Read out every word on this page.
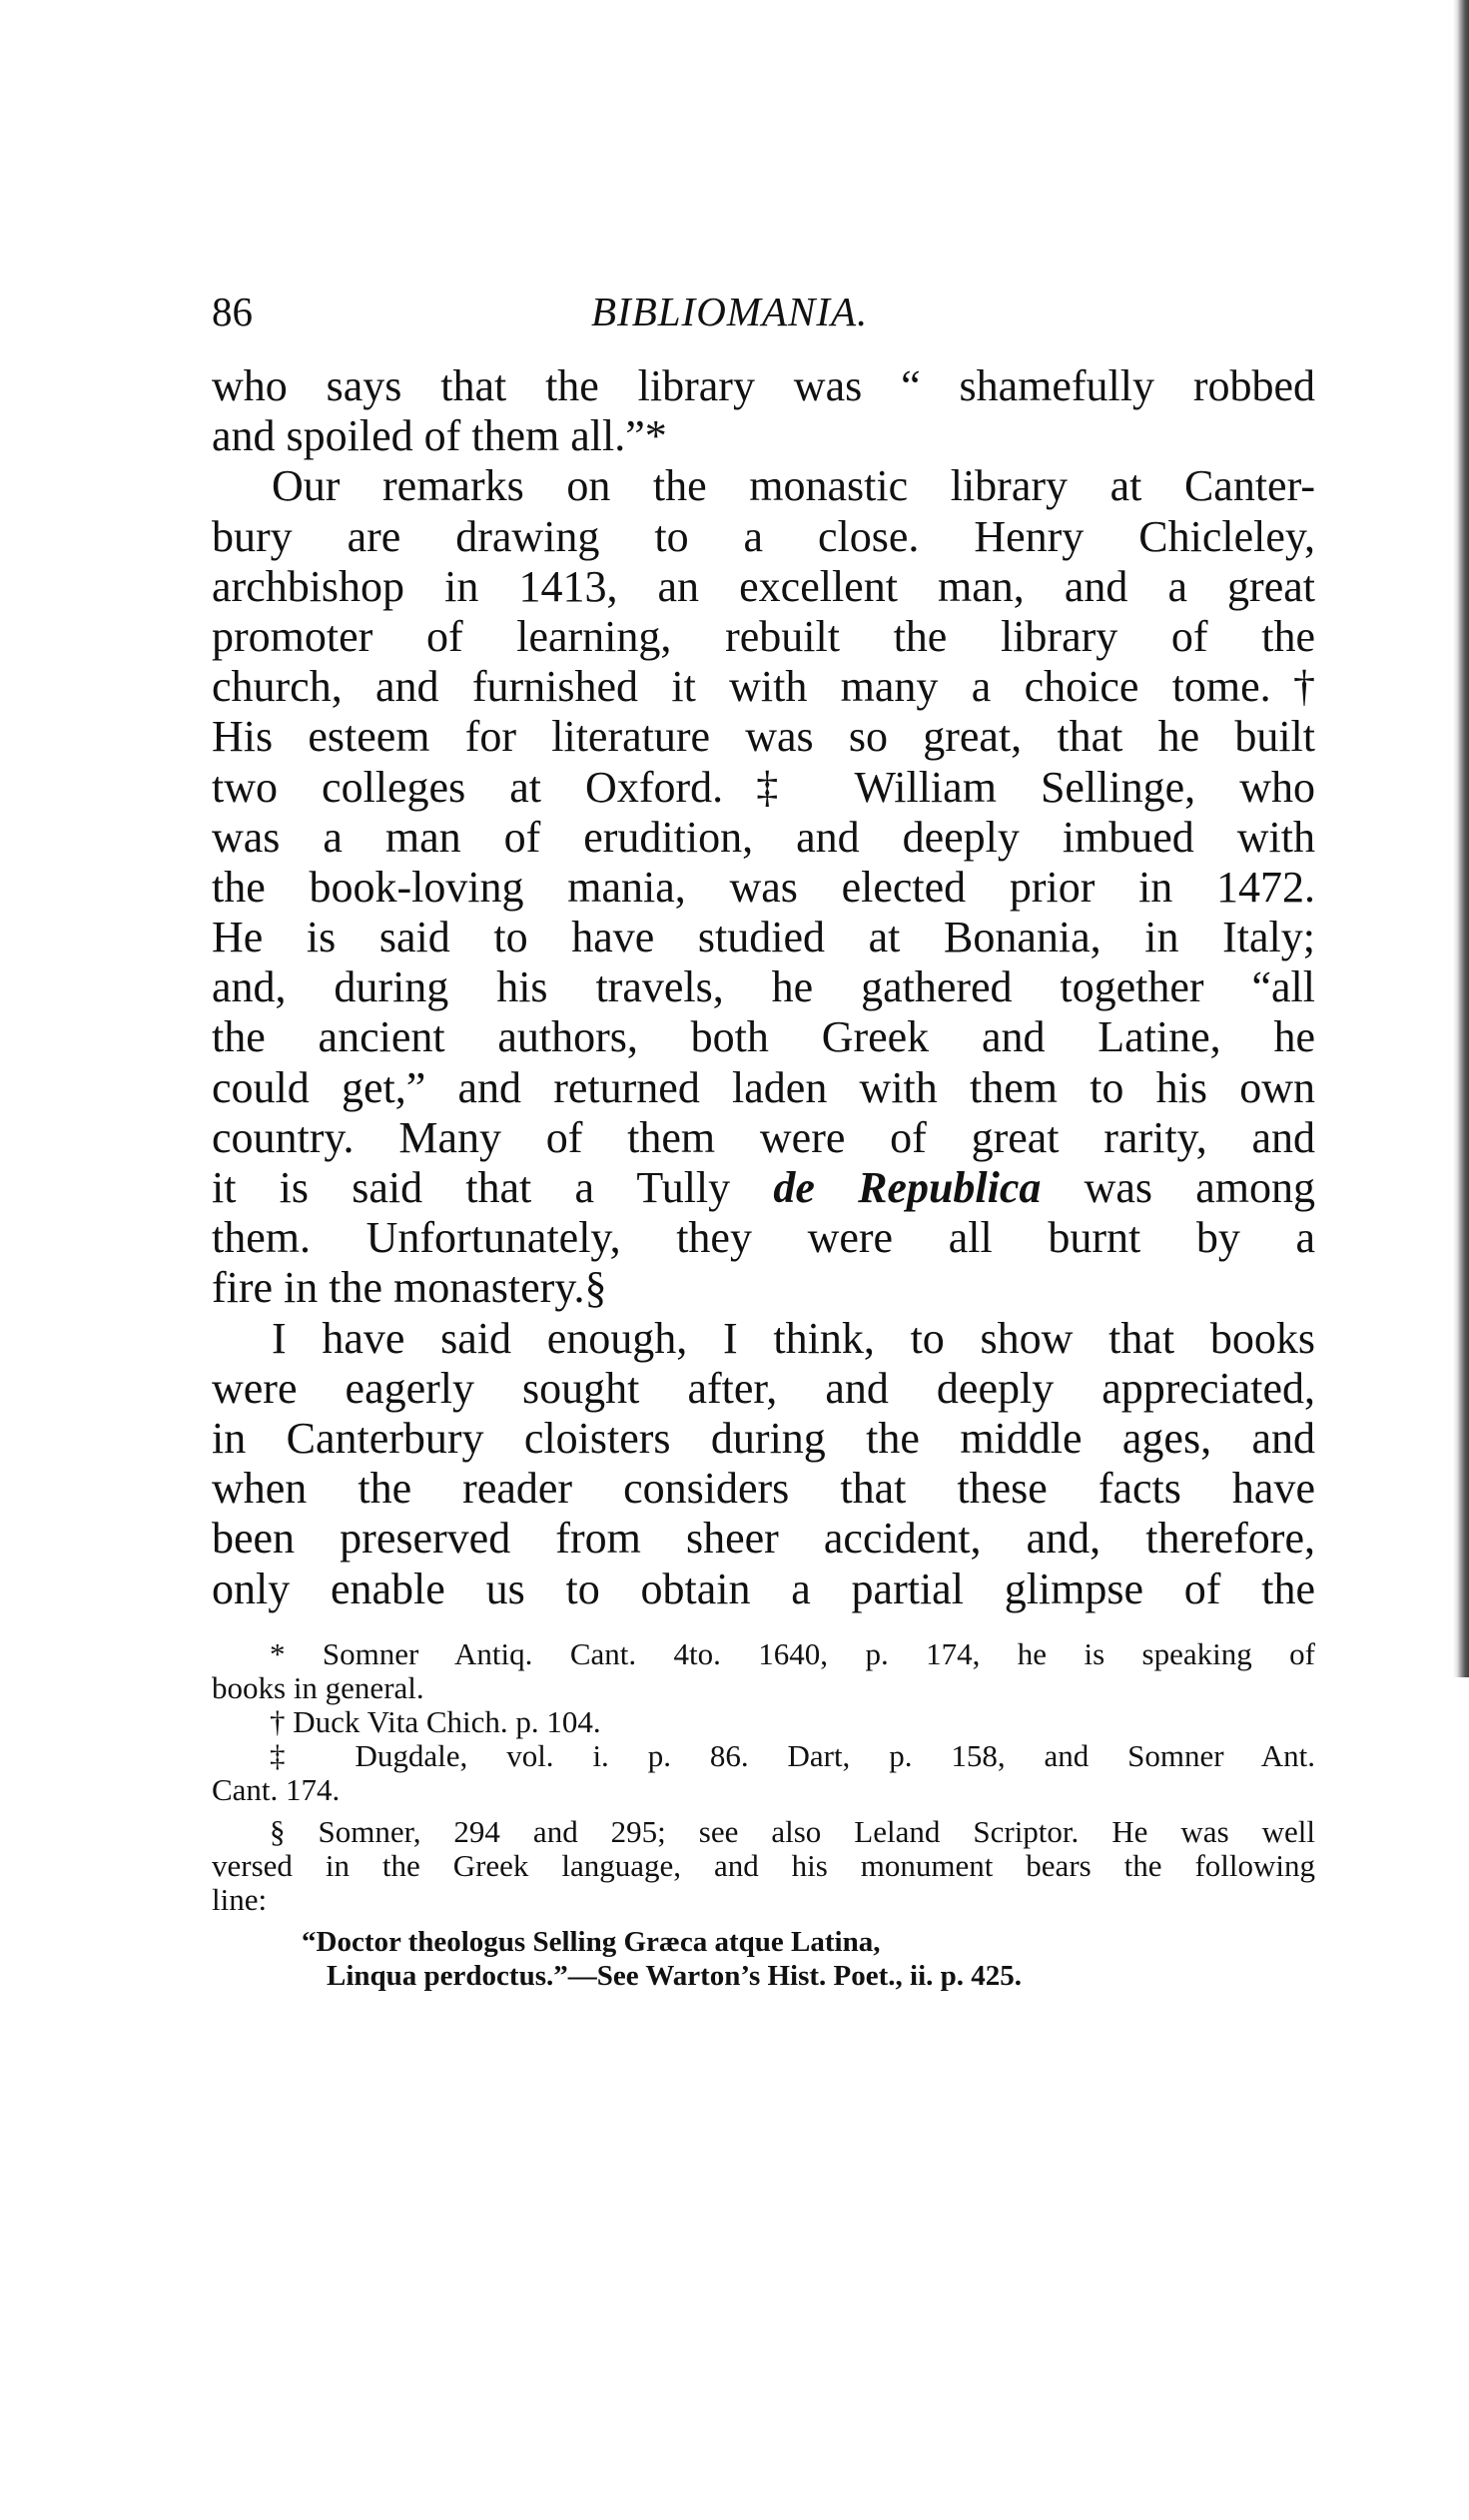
86	BIBLIOMANIA.
who says that the library was “ shamefully robbed
and spoiled of them all.”*
Our remarks on the monastic library at Canter-
bury are drawing to a close. Henry Chicleley,
archbishop in 1413, an excellent man, and a great
promoter of learning, rebuilt the library of the
church, and furnished it with many a choice tome.†
His esteem for literature was so great, that he built
two colleges at Oxford.‡ William Sellinge, who
was a man of erudition, and deeply imbued with
the book-loving mania, was elected prior in 1472.
He is said to have studied at Bonania, in Italy;
and, during his travels, he gathered together “all
the ancient authors, both Greek and Latine, he
could get,” and returned laden with them to his own
country. Many of them were of great rarity, and
it is said that a Tully de Republica was among
them. Unfortunately, they were all burnt by a
fire in the monastery.§
I have said enough, I think, to show that books
were eagerly sought after, and deeply appreciated,
in Canterbury cloisters during the middle ages, and
when the reader considers that these facts have
been preserved from sheer accident, and, therefore,
only enable us to obtain a partial glimpse of the
* Somner Antiq. Cant. 4to. 1640, p. 174, he is speaking of
books in general.
† Duck Vita Chich. p. 104.
‡ Dugdale, vol. i. p. 86. Dart, p. 158, and Somner Ant.
Cant. 174.
§ Somner, 294 and 295; see also Leland Scriptor. He was well
versed in the Greek language, and his monument bears the following
line:
“Doctor theologus Selling Græca atque Latina,
Linqua perdoctus.”—See Warton’s Hist. Poet., ii. p. 425.
